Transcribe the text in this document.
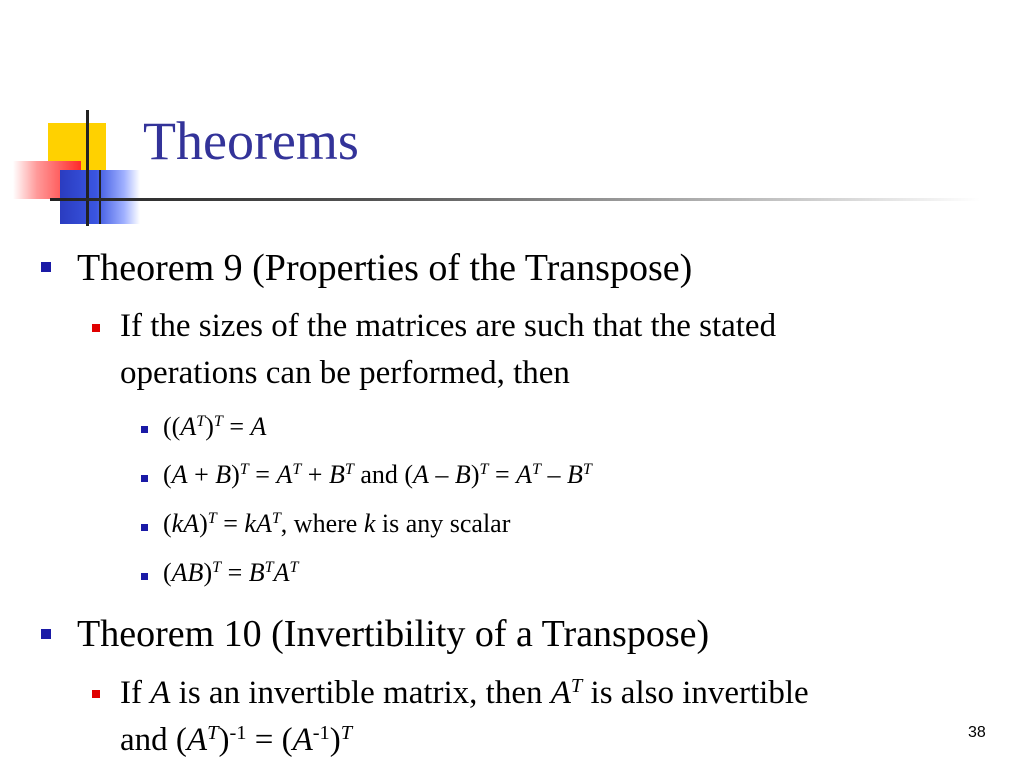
Theorems
Theorem 9 (Properties of the Transpose)
If the sizes of the matrices are such that the stated
operations can be performed, then
($(A^T)^T = A$
$(A + B)^T = A^T + B^T$ and $(A - B)^T = A^T - B^T$
$(kA)^T = kA^T$, where k is any scalar
$(AB)^T = B^TA^T$
Theorem 10 (Invertibility of a Transpose)
If A is an invertible matrix, then $A^T$ is also invertible
and $(A^T)^{-1} = (A^{-1})^T$	38
